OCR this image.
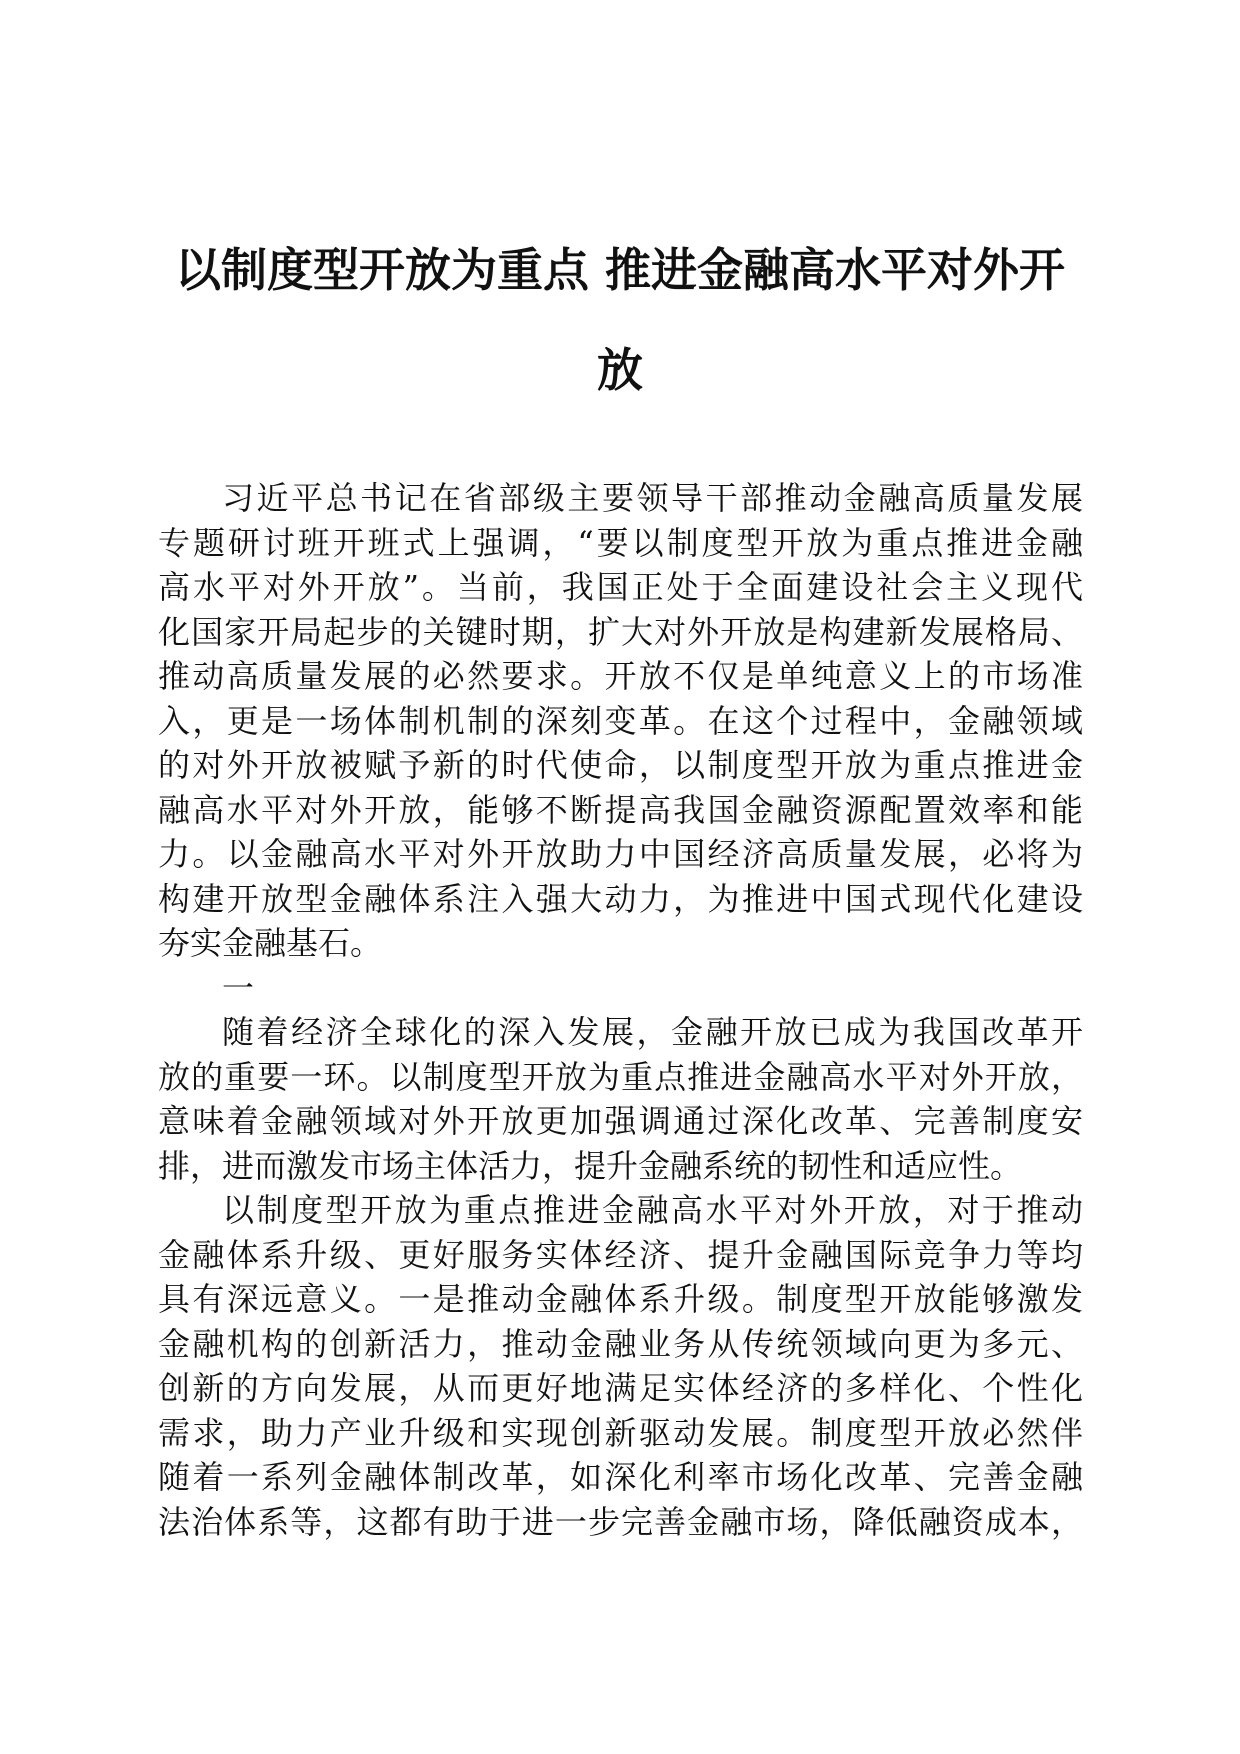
以制度型开放为重点 推进金融高水平对外开
放
习近平总书记在省部级主要领导干部推动金融高质量发展
专题研讨班开班式上强调，“要以制度型开放为重点推进金融
高水平对外开放”。当前，我国正处于全面建设社会主义现代
化国家开局起步的关键时期，扩大对外开放是构建新发展格局、
推动高质量发展的必然要求。开放不仅是单纯意义上的市场准
入，更是一场体制机制的深刻变革。在这个过程中，金融领域
的对外开放被赋予新的时代使命，以制度型开放为重点推进金
融高水平对外开放，能够不断提高我国金融资源配置效率和能
力。以金融高水平对外开放助力中国经济高质量发展，必将为
构建开放型金融体系注入强大动力，为推进中国式现代化建设
夯实金融基石。
一
随着经济全球化的深入发展，金融开放已成为我国改革开
放的重要一环。以制度型开放为重点推进金融高水平对外开放，
意味着金融领域对外开放更加强调通过深化改革、完善制度安
排，进而激发市场主体活力，提升金融系统的韧性和适应性。
以制度型开放为重点推进金融高水平对外开放，对于推动
金融体系升级、更好服务实体经济、提升金融国际竞争力等均
具有深远意义。一是推动金融体系升级。制度型开放能够激发
金融机构的创新活力，推动金融业务从传统领域向更为多元、
创新的方向发展，从而更好地满足实体经济的多样化、个性化
需求，助力产业升级和实现创新驱动发展。制度型开放必然伴
随着一系列金融体制改革，如深化利率市场化改革、完善金融
法治体系等，这都有助于进一步完善金融市场，降低融资成本，
